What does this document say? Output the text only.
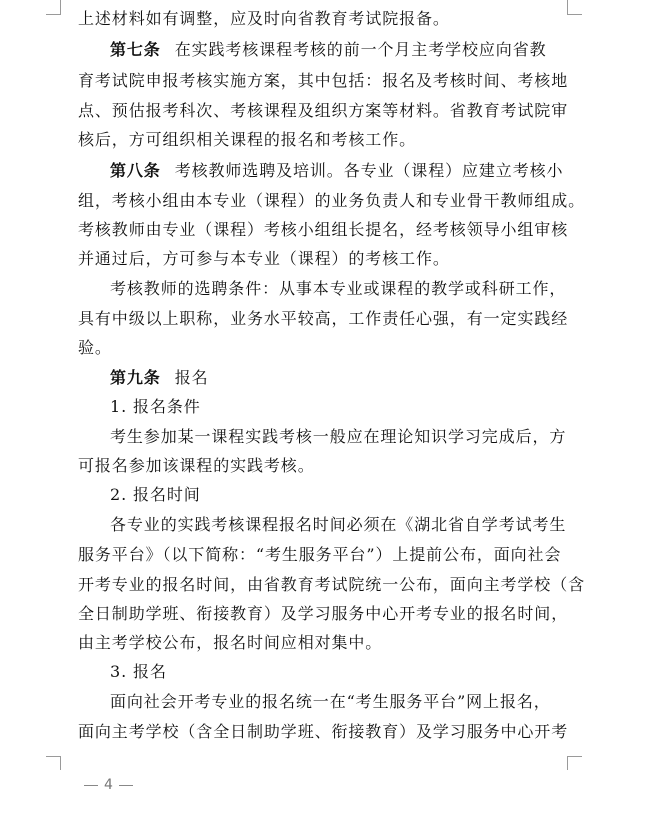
上述材料如有调整，应及时向省教育考试院报备。
第七条 在实践考核课程考核的前一个月主考学校应向省教
育考试院申报考核实施方案，其中包括：报名及考核时间、考核地
点、预估报考科次、考核课程及组织方案等材料。省教育考试院审
核后，方可组织相关课程的报名和考核工作。
第八条 考核教师选聘及培训。各专业（课程）应建立考核小
组，考核小组由本专业（课程）的业务负责人和专业骨干教师组成。
考核教师由专业（课程）考核小组组长提名，经考核领导小组审核
并通过后，方可参与本专业（课程）的考核工作。
考核教师的选聘条件：从事本专业或课程的教学或科研工作，
具有中级以上职称，业务水平较高，工作责任心强，有一定实践经
验。
第九条 报名
1. 报名条件
考生参加某一课程实践考核一般应在理论知识学习完成后，方
可报名参加该课程的实践考核。
2. 报名时间
各专业的实践考核课程报名时间必须在《湖北省自学考试考生
服务平台》（以下简称：“考生服务平台”）上提前公布，面向社会
开考专业的报名时间，由省教育考试院统一公布，面向主考学校（含
全日制助学班、衔接教育）及学习服务中心开考专业的报名时间，
由主考学校公布，报名时间应相对集中。
3. 报名
面向社会开考专业的报名统一在“考生服务平台”网上报名，
面向主考学校（含全日制助学班、衔接教育）及学习服务中心开考
4
